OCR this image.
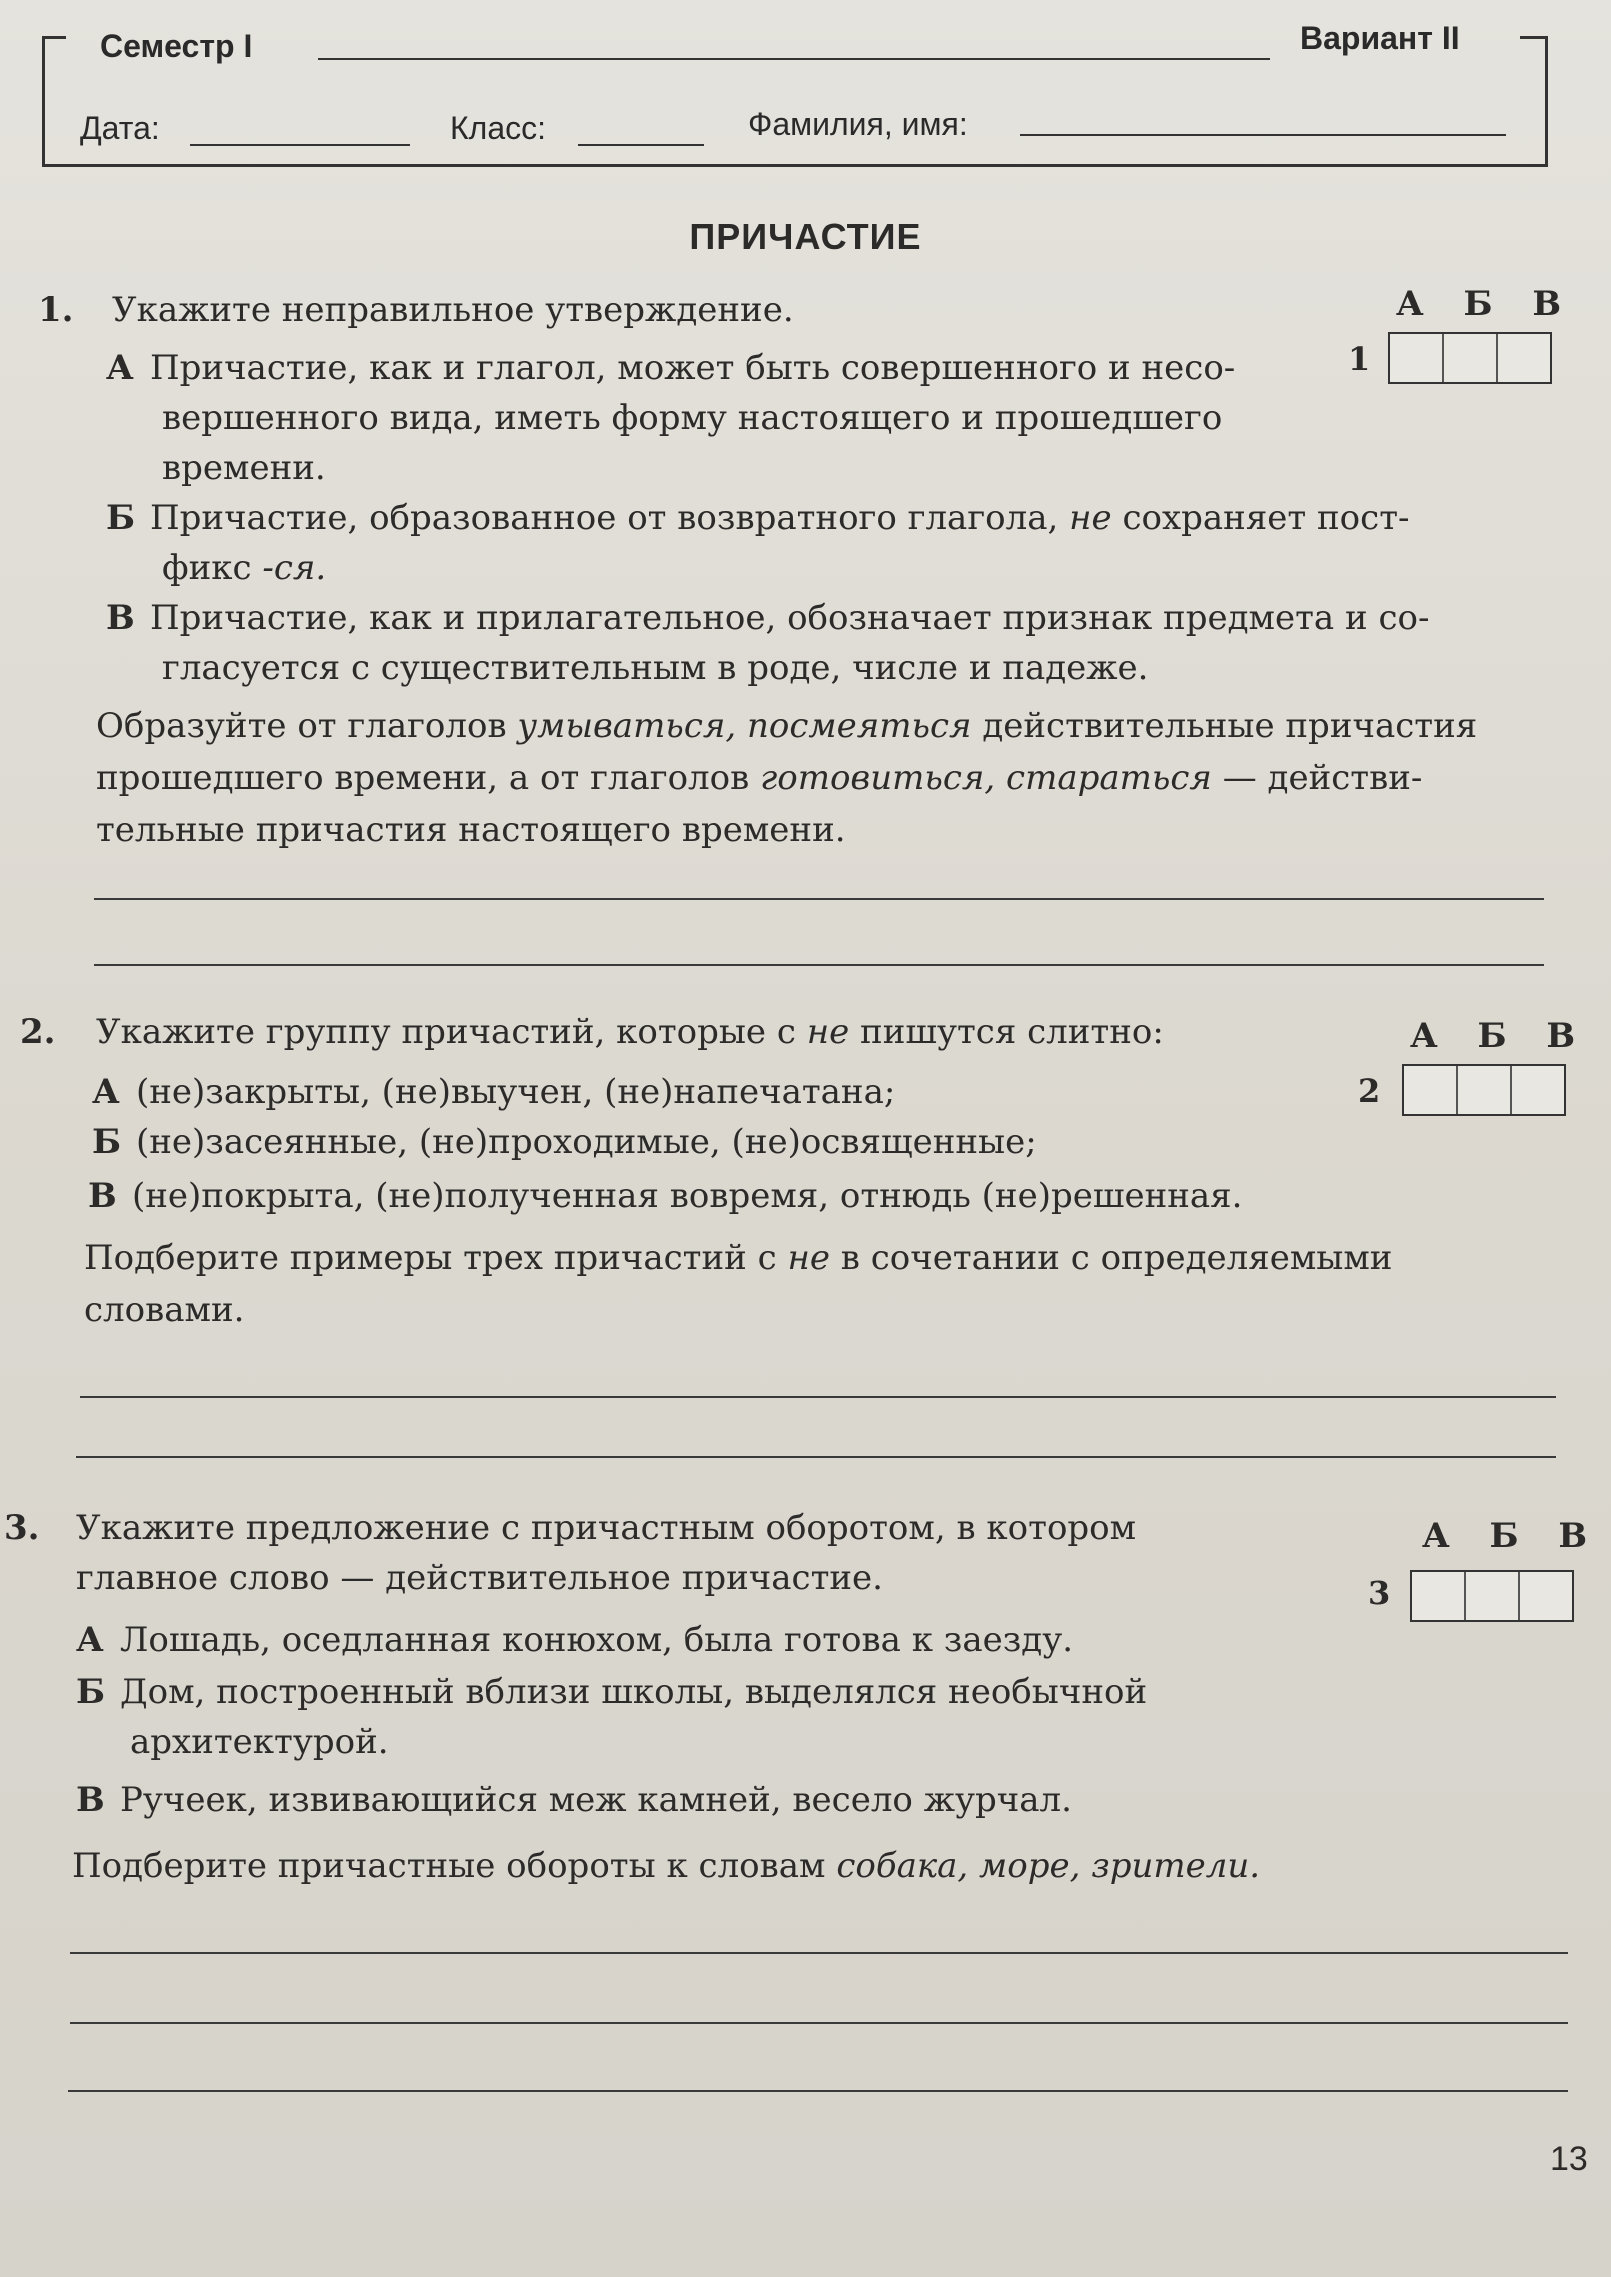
Семестр I	Вариант II
Дата:	Класс:	Фамилия, имя:
ПРИЧАСТИЕ
1. Укажите неправильное утверждение.	А Б В
1
А Причастие, как и глагол, может быть совершенного и несо-
вершенного вида, иметь форму настоящего и прошедшего
времени.
Б Причастие, образованное от возвратного глагола, не сохраняет пост-
фикс -ся.
В Причастие, как и прилагательное, обозначает признак предмета и со-
гласуется с существительным в роде, числе и падеже.
Образуйте от глаголов умываться, посмеяться действительные причастия
прошедшего времени, а от глаголов готовиться, стараться — действи-
тельные причастия настоящего времени.
2. Укажите группу причастий, которые с не пишутся слитно:	А Б В
2
А (не)закрыты, (не)выучен, (не)напечатана;
Б (не)засеянные, (не)проходимые, (не)освященные;
В (не)покрыта, (не)полученная вовремя, отнюдь (не)решенная.
Подберите примеры трех причастий с не в сочетании с определяемыми
словами.
3. Укажите предложение с причастным оборотом, в котором
главное слово — действительное причастие.
А Б В
3
А Лошадь, оседланная конюхом, была готова к заезду.
Б Дом, построенный вблизи школы, выделялся необычной
архитектурой.
В Ручеек, извивающийся меж камней, весело журчал.
Подберите причастные обороты к словам собака, море, зрители.
13
